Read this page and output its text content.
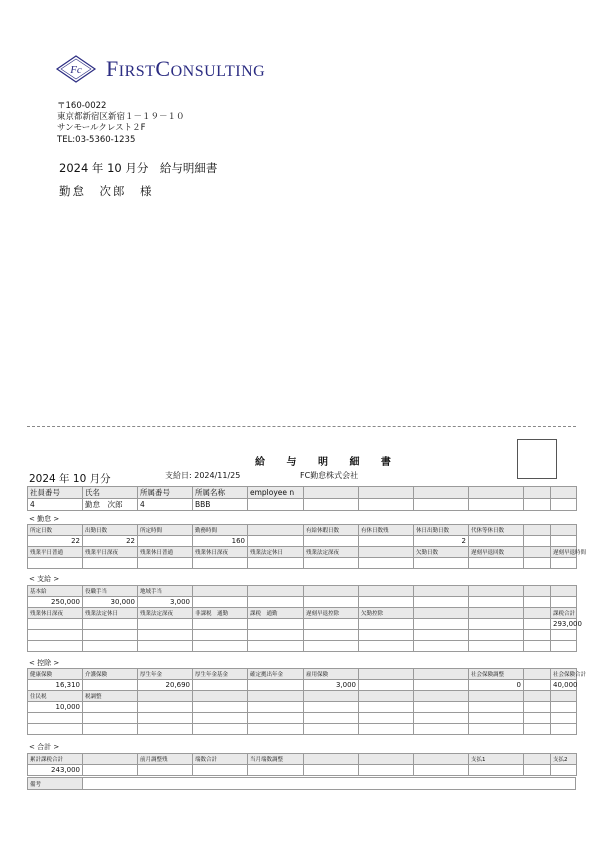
Fc FIRSTCONSULTING
〒160-0022
東京都新宿区新宿１－１９－１０
サンモールクレスト２F
TEL:03-5360-1235
2024 年 10 月分　給与明細書
勤怠　次郎　様
給 与 明 細 書
2024 年 10 月分	支給日: 2024/11/25	FC勤怠株式会社
社員番号	氏名	所属番号	所属名称	employee n						
4	勤怠　次郎	4	BBB							
< 勤怠 >
所定日数	出勤日数	所定時間	勤務時間		有給休暇日数	有休日数残	休日出勤日数	代休等休日数		
22	22		160				2			
残業平日普通	残業平日深夜	残業休日普通	残業休日深夜	残業法定休日	残業法定深夜		欠勤日数	遅刻早退回数		遅刻早退時間

< 支給 >
基本給	役職手当	地域手当								
250,000	30,000	3,000								
残業休日深夜	残業法定休日	残業法定深夜	非課税　通勤	課税　通勤	遅刻早退控除	欠勤控除				課税合計
										293,000

< 控除 >
健康保険	介護保険	厚生年金	厚生年金基金	確定拠出年金	雇用保険			社会保険調整		社会保険合計
16,310		20,690			3,000			0		40,000
住民税	税調整									
10,000										

< 合計 >
累計課税合計		前月調整残	端数合計	当月端数調整				支払1		支払2
243,000										
備考	
